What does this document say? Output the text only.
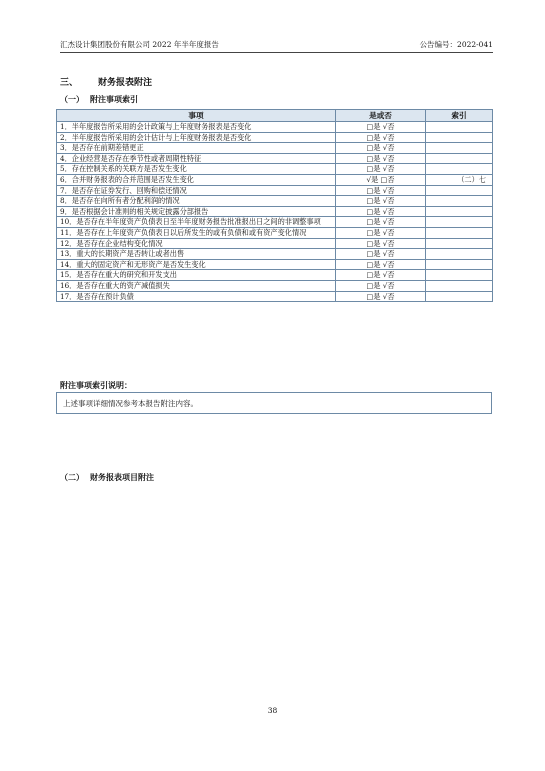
汇杰设计集团股份有限公司 2022 年半年度报告	公告编号：2022-041
三、 财务报表附注
（一） 附注事项索引
事项	是或否	索引
1．半年度报告所采用的会计政策与上年度财务报表是否变化	□是 √否	
2．半年度报告所采用的会计估计与上年度财务报表是否变化	□是 √否	
3．是否存在前期差错更正	□是 √否	
4．企业经营是否存在季节性或者周期性特征	□是 √否	
5．存在控制关系的关联方是否发生变化	□是 √否	
6．合并财务报表的合并范围是否发生变化	√是 □否	（二）七
7．是否存在证券发行、回购和偿还情况	□是 √否	
8．是否存在向所有者分配利润的情况	□是 √否	
9．是否根据会计准则的相关规定披露分部报告	□是 √否	
10．是否存在半年度资产负债表日至半年度财务报告批准报出日之间的非调整事项	□是 √否	
11．是否存在上年度资产负债表日以后所发生的或有负债和或有资产变化情况	□是 √否	
12．是否存在企业结构变化情况	□是 √否	
13．重大的长期资产是否转让或者出售	□是 √否	
14．重大的固定资产和无形资产是否发生变化	□是 √否	
15．是否存在重大的研究和开发支出	□是 √否	
16．是否存在重大的资产减值损失	□是 √否	
17．是否存在预计负债	□是 √否	
附注事项索引说明：
上述事项详细情况参考本报告附注内容。
（二） 财务报表项目附注
38
